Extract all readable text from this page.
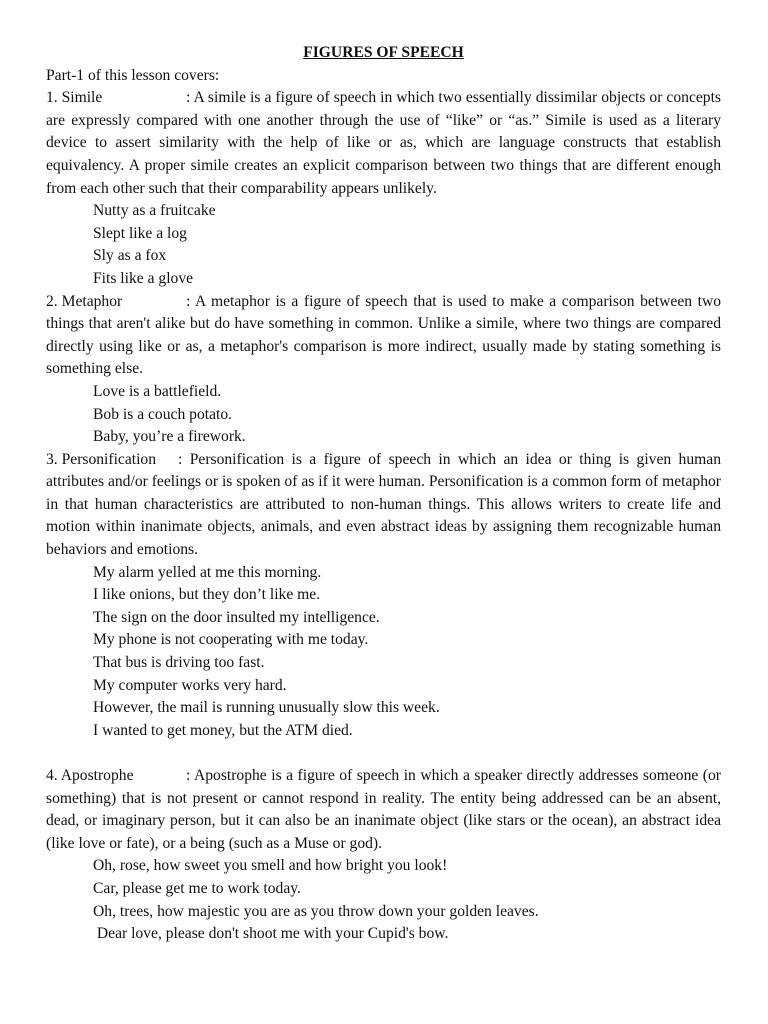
FIGURES OF SPEECH

Part-1 of this lesson covers:

1. Simile	: A simile is a figure of speech in which two essentially dissimilar objects or concepts are expressly compared with one another through the use of “like” or “as.” Simile is used as a literary device to assert similarity with the help of like or as, which are language constructs that establish equivalency. A proper simile creates an explicit comparison between two things that are different enough from each other such that their comparability appears unlikely.

Nutty as a fruitcake

Slept like a log

Sly as a fox

Fits like a glove

2. Metaphor	: A metaphor is a figure of speech that is used to make a comparison between two things that aren't alike but do have something in common. Unlike a simile, where two things are compared directly using like or as, a metaphor's comparison is more indirect, usually made by stating something is something else.

Love is a battlefield.

Bob is a couch potato.

Baby, you’re a firework.

3. Personification : Personification is a figure of speech in which an idea or thing is given human attributes and/or feelings or is spoken of as if it were human. Personification is a common form of metaphor in that human characteristics are attributed to non-human things. This allows writers to create life and motion within inanimate objects, animals, and even abstract ideas by assigning them recognizable human behaviors and emotions.

My alarm yelled at me this morning.

I like onions, but they don’t like me.

The sign on the door insulted my intelligence.

My phone is not cooperating with me today.

That bus is driving too fast.

My computer works very hard.

However, the mail is running unusually slow this week.

I wanted to get money, but the ATM died.

4. Apostrophe	: Apostrophe is a figure of speech in which a speaker directly addresses someone (or something) that is not present or cannot respond in reality. The entity being addressed can be an absent, dead, or imaginary person, but it can also be an inanimate object (like stars or the ocean), an abstract idea (like love or fate), or a being (such as a Muse or god).

Oh, rose, how sweet you smell and how bright you look!

Car, please get me to work today.

Oh, trees, how majestic you are as you throw down your golden leaves.

Dear love, please don't shoot me with your Cupid's bow.
